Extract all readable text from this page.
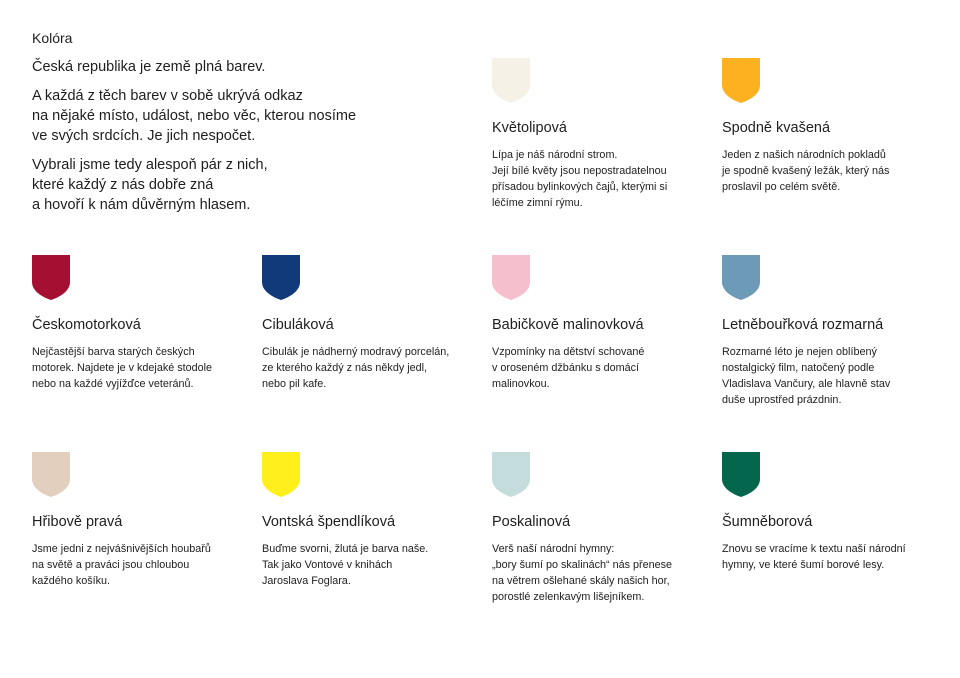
Kolóra

Česká republika je země plná barev.

A každá z těch barev v sobě ukrývá odkaz
na nějaké místo, událost, nebo věc, kterou nosíme
ve svých srdcích. Je jich nespočet.

Vybrali jsme tedy alespoň pár z nich,
které každý z nás dobře zná
a hovoří k nám důvěrným hlasem.

Květolipová

Lípa je náš národní strom.
Její bílé květy jsou nepostradatelnou
přísadou bylinkových čajů, kterými si
léčíme zimní rýmu.

Spodně kvašená

Jeden z našich národních pokladů
je spodně kvašený ležák, který nás
proslavil po celém světě.

Českomotorková

Nejčastější barva starých českých
motorek. Najdete je v kdejaké stodole
nebo na každé vyjížďce veteránů.

Cibuláková

Cibulák je nádherný modravý porcelán,
ze kterého každý z nás někdy jedl,
nebo pil kafe.

Babičkově malinovková

Vzpomínky na dětství schované
v oroseném džbánku s domácí
malinovkou.

Letněbouřková rozmarná

Rozmarné léto je nejen oblíbený
nostalgický film, natočený podle
Vladislava Vančury, ale hlavně stav
duše uprostřed prázdnin.

Hřibově pravá

Jsme jedni z nejvášnivějších houbařů
na světě a praváci jsou chloubou
každého košíku.

Vontská špendlíková

Buďme svorni, žlutá je barva naše.
Tak jako Vontové v knihách
Jaroslava Foglara.

Poskalinová

Verš naší národní hymny:
„bory šumí po skalinách“ nás přenese
na větrem ošlehané skály našich hor,
porostlé zelenkavým lišejníkem.

Šumněborová

Znovu se vracíme k textu naší národní
hymny, ve které šumí borové lesy.
